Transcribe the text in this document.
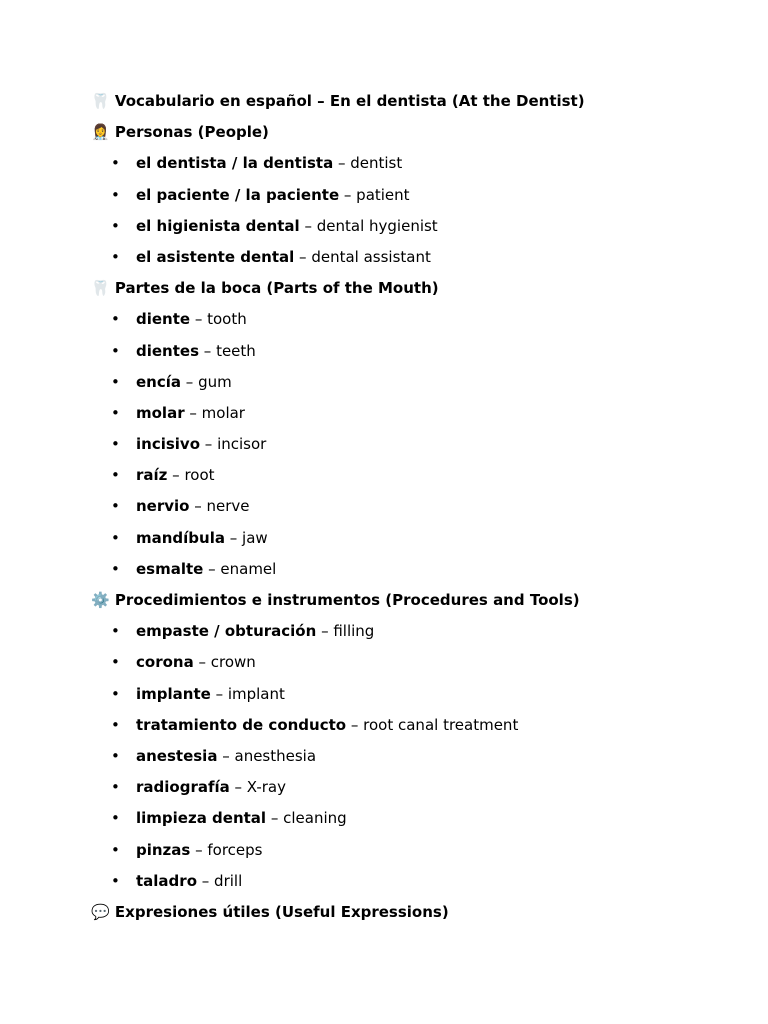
🦷 Vocabulario en español – En el dentista (At the Dentist)
👩‍⚕️ Personas (People)
• el dentista / la dentista – dentist
• el paciente / la paciente – patient
• el higienista dental – dental hygienist
• el asistente dental – dental assistant
🦷 Partes de la boca (Parts of the Mouth)
• diente – tooth
• dientes – teeth
• encía – gum
• molar – molar
• incisivo – incisor
• raíz – root
• nervio – nerve
• mandíbula – jaw
• esmalte – enamel
⚙️ Procedimientos e instrumentos (Procedures and Tools)
• empaste / obturación – filling
• corona – crown
• implante – implant
• tratamiento de conducto – root canal treatment
• anestesia – anesthesia
• radiografía – X-ray
• limpieza dental – cleaning
• pinzas – forceps
• taladro – drill
💬 Expresiones útiles (Useful Expressions)
